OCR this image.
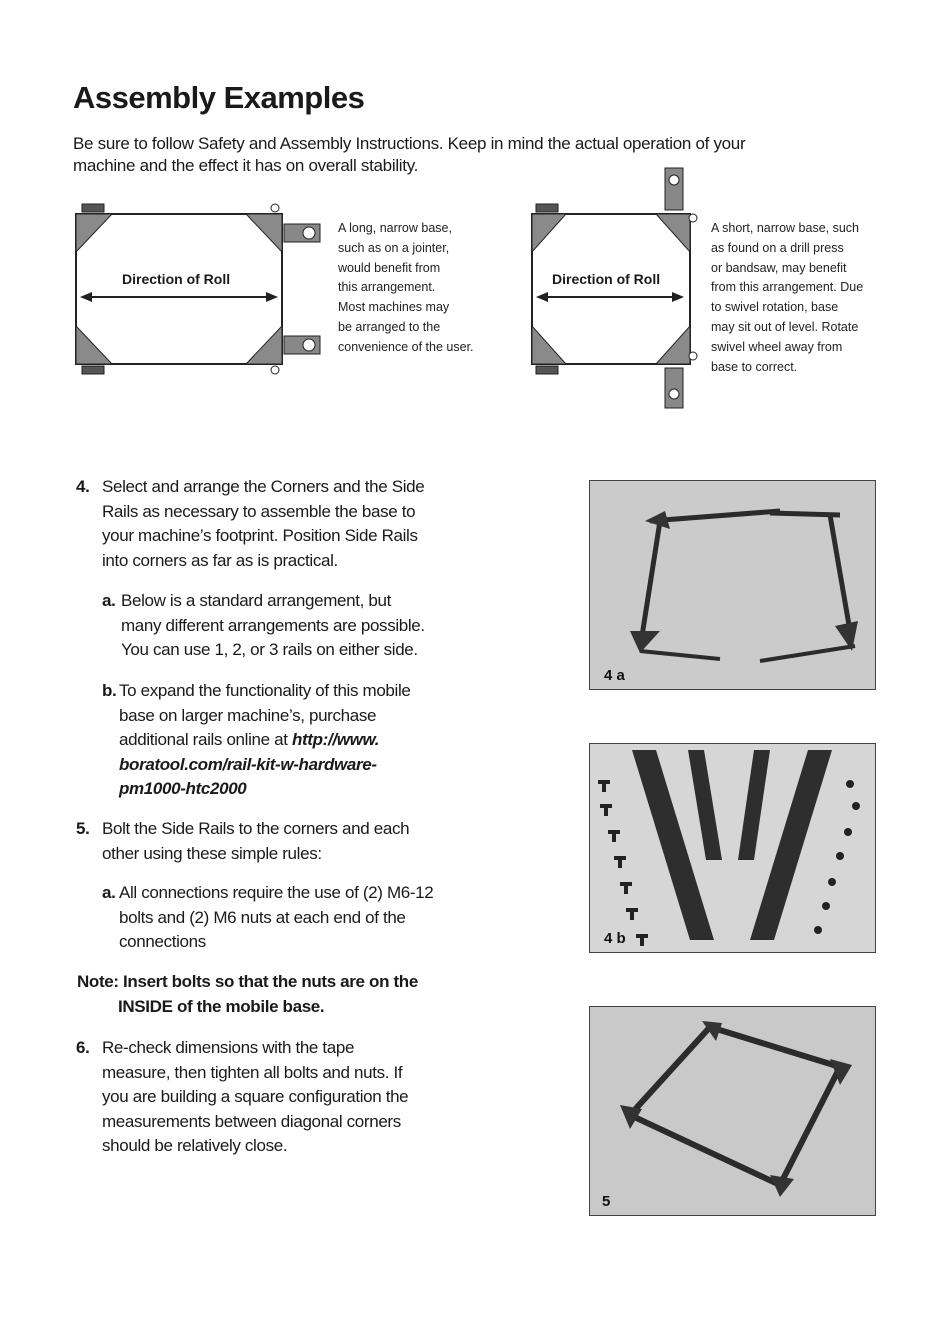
Assembly Examples
Be sure to follow Safety and Assembly Instructions. Keep in mind the actual operation of your
machine and the effect it has on overall stability.
Direction of Roll
A long, narrow base,
such as on a jointer,
would benefit from
this arrangement.
Most machines may
be arranged to the
convenience of the user.
Direction of Roll
A short, narrow base, such
as found on a drill press
or bandsaw, may benefit
from this arrangement. Due
to swivel rotation, base
may sit out of level. Rotate
swivel wheel away from
base to correct.
4. Select and arrange the Corners and the Side
Rails as necessary to assemble the base to
your machine’s footprint. Position Side Rails
into corners as far as is practical.
a. Below is a standard arrangement, but
many different arrangements are possible.
You can use 1, 2, or 3 rails on either side.
b. To expand the functionality of this mobile
base on larger machine’s, purchase
additional rails online at http://www.
boratool.com/rail-kit-w-hardware-
pm1000-htc2000
5. Bolt the Side Rails to the corners and each
other using these simple rules:
a. All connections require the use of (2) M6-12
bolts and (2) M6 nuts at each end of the
connections
Note: Insert bolts so that the nuts are on the
INSIDE of the mobile base.
6. Re-check dimensions with the tape
measure, then tighten all bolts and nuts. If
you are building a square configuration the
measurements between diagonal corners
should be relatively close.
4 a
4 b
5
